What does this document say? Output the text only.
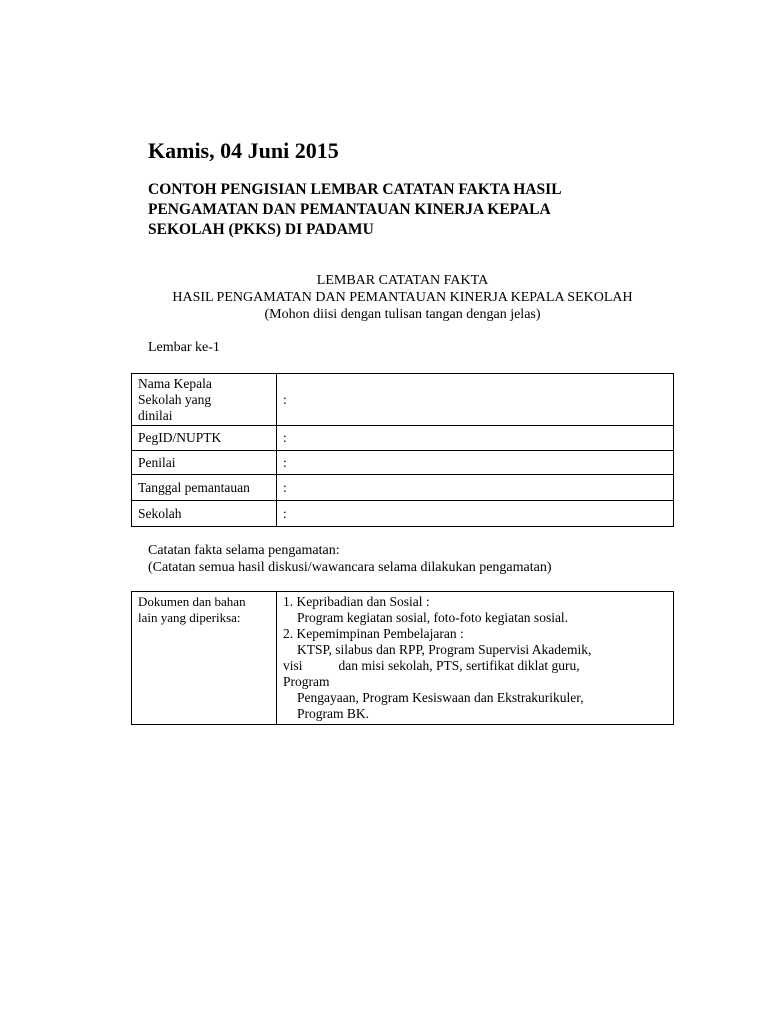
Kamis, 04 Juni 2015
CONTOH PENGISIAN LEMBAR CATATAN FAKTA HASIL PENGAMATAN DAN PEMANTAUAN KINERJA KEPALA SEKOLAH (PKKS) DI PADAMU
LEMBAR CATATAN FAKTA
HASIL PENGAMATAN DAN PEMANTAUAN KINERJA KEPALA SEKOLAH
(Mohon diisi dengan tulisan tangan dengan jelas)
Lembar ke-1
Nama Kepala
Sekolah yang
dinilai	:
PegID/NUPTK	:
Penilai	:
Tanggal pemantauan	:
Sekolah	:
Catatan fakta selama pengamatan:
(Catatan semua hasil diskusi/wawancara selama dilakukan pengamatan)
Dokumen dan bahan
lain yang diperiksa:

1. Kepribadian dan Sosial :
Program kegiatan sosial, foto-foto kegiatan sosial.
2. Kepemimpinan Pembelajaran :
KTSP, silabus dan RPP, Program Supervisi Akademik,
visi	dan misi sekolah, PTS, sertifikat diklat guru,
Program
Pengayaan, Program Kesiswaan dan Ekstrakurikuler,
Program BK.
